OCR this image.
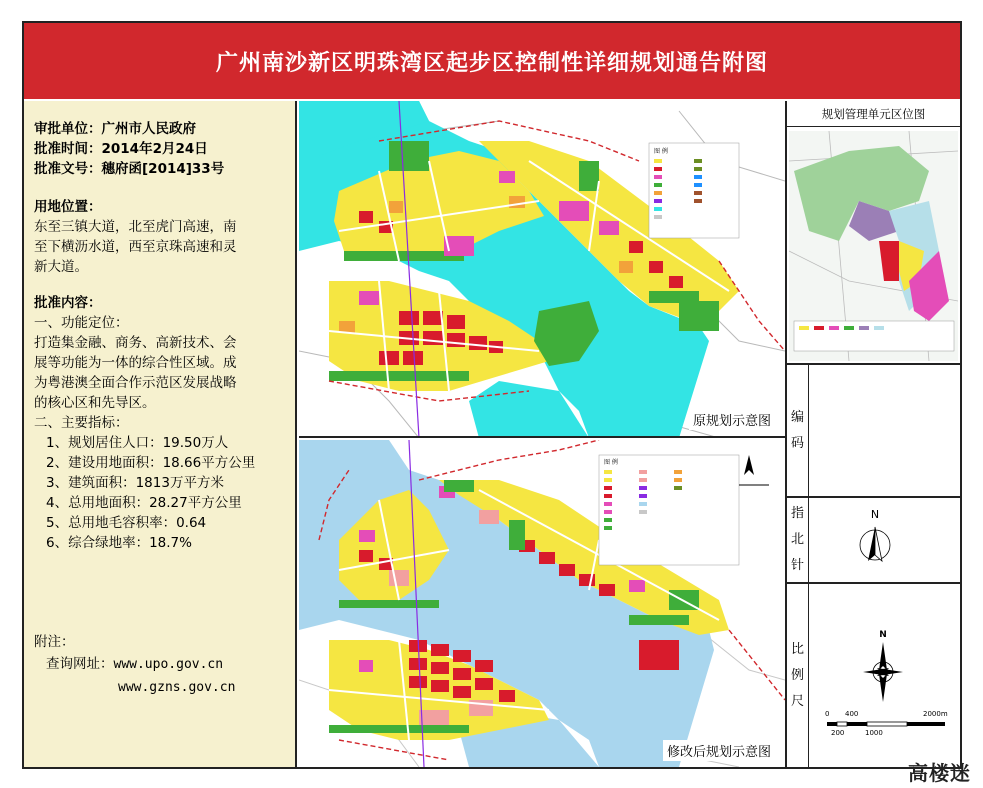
广州南沙新区明珠湾区起步区控制性详细规划通告附图
审批单位：广州市人民政府
批准时间：2014年2月24日
批准文号：穗府函[2014]33号
用地位置：
东至三镇大道，北至虎门高速，南
至下横沥水道，西至京珠高速和灵
新大道。
批准内容：
一、功能定位：
打造集金融、商务、高新技术、会
展等功能为一体的综合性区域。成
为粤港澳全面合作示范区发展战略
的核心区和先导区。
二、主要指标：
1、规划居住人口：19.50万人
2、建设用地面积：18.66平方公里
3、建筑面积：1813万平方米
4、总用地面积：28.27平方公里
5、总用地毛容积率：0.64
6、综合绿地率：18.7%
附注：
查询网址：www.upo.gov.cn
www.gzns.gov.cn
图 例
原规划示意图
图 例
修改后规划示意图
规划管理单元区位图
编
码
指
北
针
N
比
例
尺
N
0 400	2000m
200	1000
高楼迷
